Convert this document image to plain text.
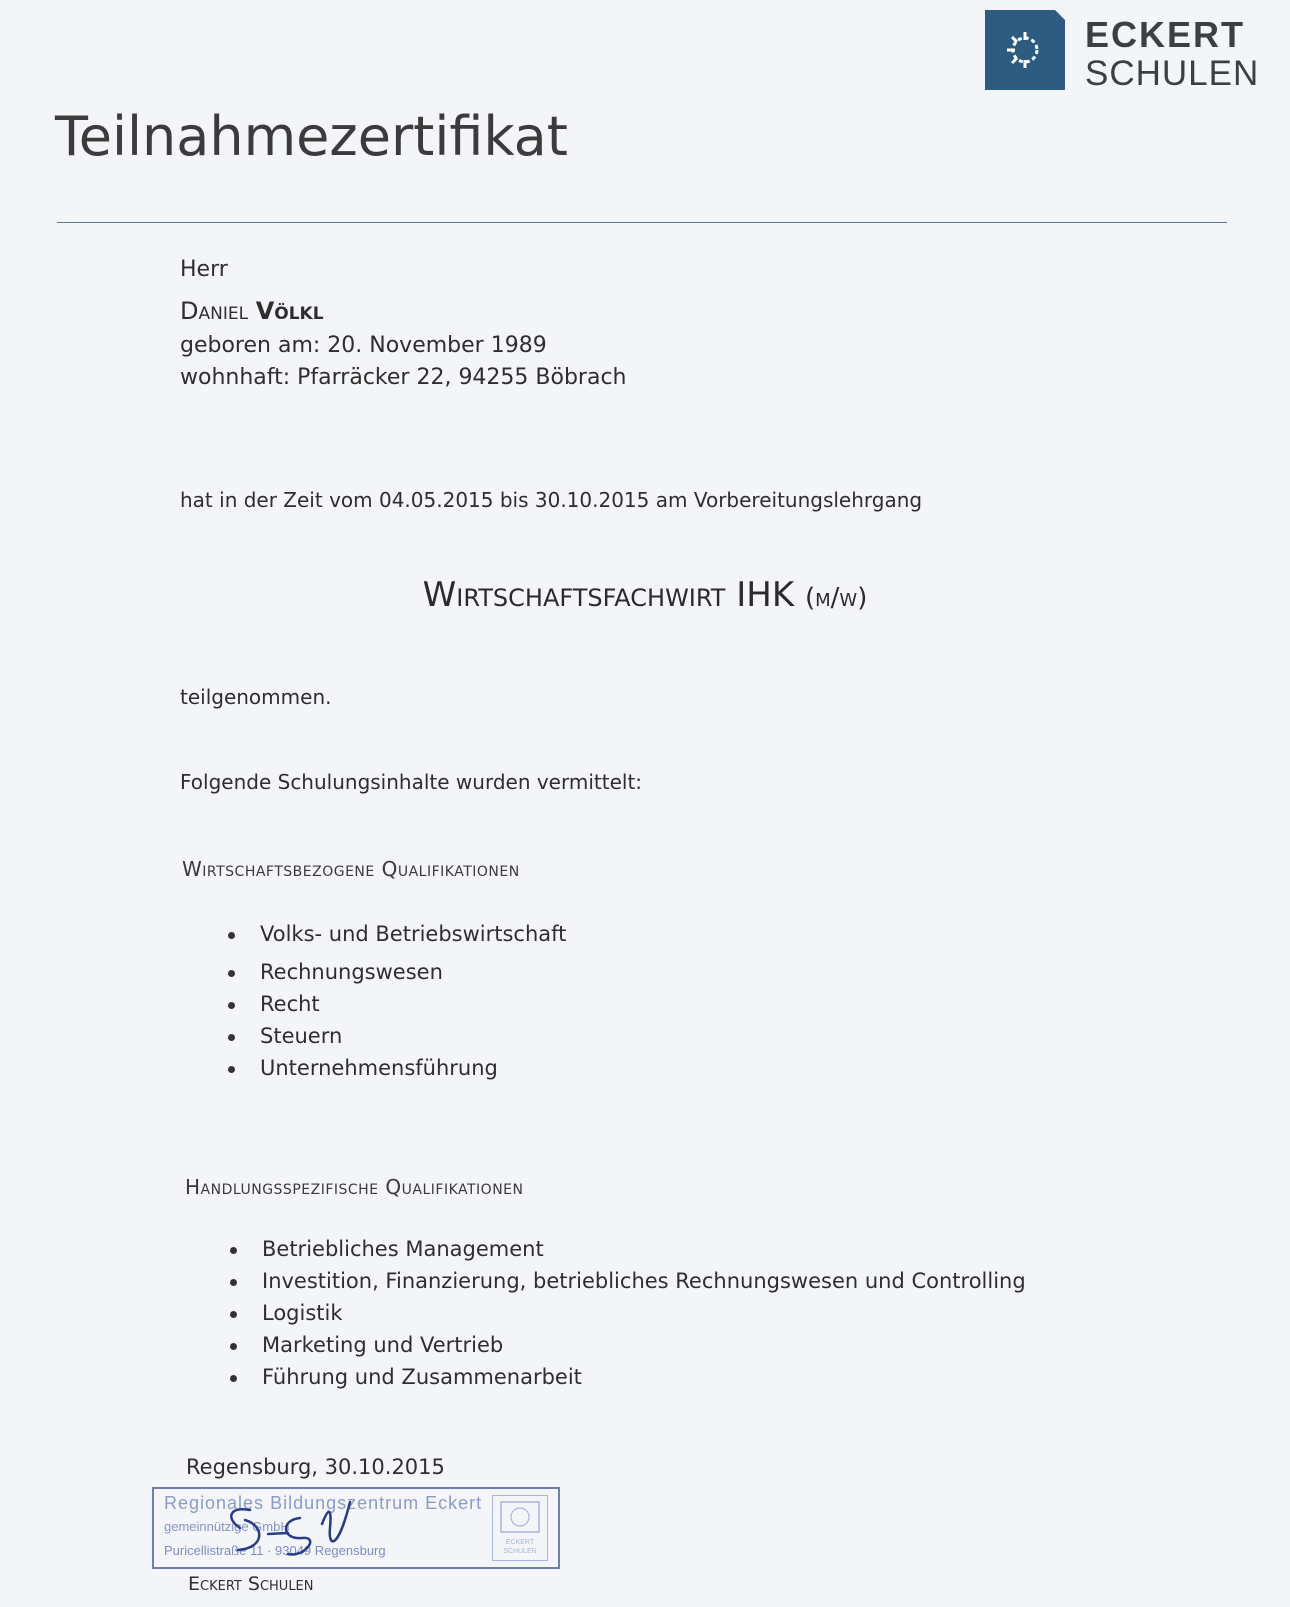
ECKERT
SCHULEN
Teilnahmezertifikat
Herr
Daniel Völkl
geboren am: 20. November 1989
wohnhaft: Pfarräcker 22, 94255 Böbrach
hat in der Zeit vom 04.05.2015 bis 30.10.2015 am Vorbereitungslehrgang
Wirtschaftsfachwirt IHK (m/w)
teilgenommen.
Folgende Schulungsinhalte wurden vermittelt:
Wirtschaftsbezogene Qualifikationen
Volks- und Betriebswirtschaft
Rechnungswesen
Recht
Steuern
Unternehmensführung
Handlungsspezifische Qualifikationen
Betriebliches Management
Investition, Finanzierung, betriebliches Rechnungswesen und Controlling
Logistik
Marketing und Vertrieb
Führung und Zusammenarbeit
Regensburg, 30.10.2015
Regionales Bildungszentrum Eckert
gemeinnützige GmbH
Puricellistraße 11 · 93049 Regensburg
ECKERT
SCHULEN
Eckert Schulen
